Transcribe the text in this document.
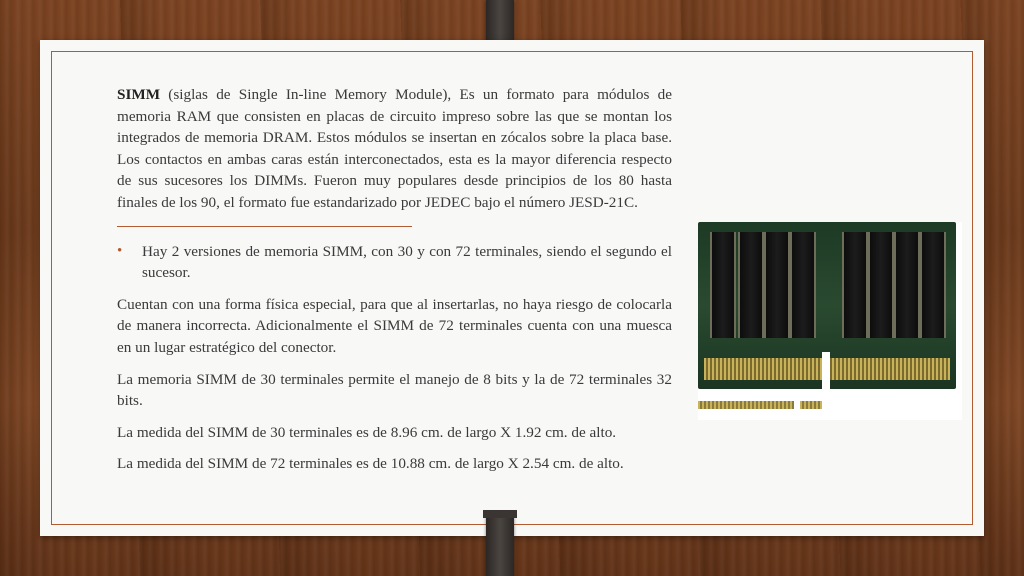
SIMM (siglas de Single In-line Memory Module), Es un formato para módulos de memoria RAM que consisten en placas de circuito impreso sobre las que se montan los integrados de memoria DRAM. Estos módulos se insertan en zócalos sobre la placa base. Los contactos en ambas caras están interconectados, esta es la mayor diferencia respecto de sus sucesores los DIMMs. Fueron muy populares desde principios de los 80 hasta finales de los 90, el formato fue estandarizado por JEDEC bajo el número JESD-21C.

• Hay 2 versiones de memoria SIMM, con 30 y con 72 terminales, siendo el segundo el sucesor.

Cuentan con una forma física especial, para que al insertarlas, no haya riesgo de colocarla de manera incorrecta. Adicionalmente el SIMM de 72 terminales cuenta con una muesca en un lugar estratégico del conector.

La memoria SIMM de 30 terminales permite el manejo de 8 bits y la de 72 terminales 32 bits.

La medida del SIMM de 30 terminales es de 8.96 cm. de largo X 1.92 cm. de alto.

La medida del SIMM de 72 terminales es de 10.88 cm. de largo X 2.54 cm. de alto.
